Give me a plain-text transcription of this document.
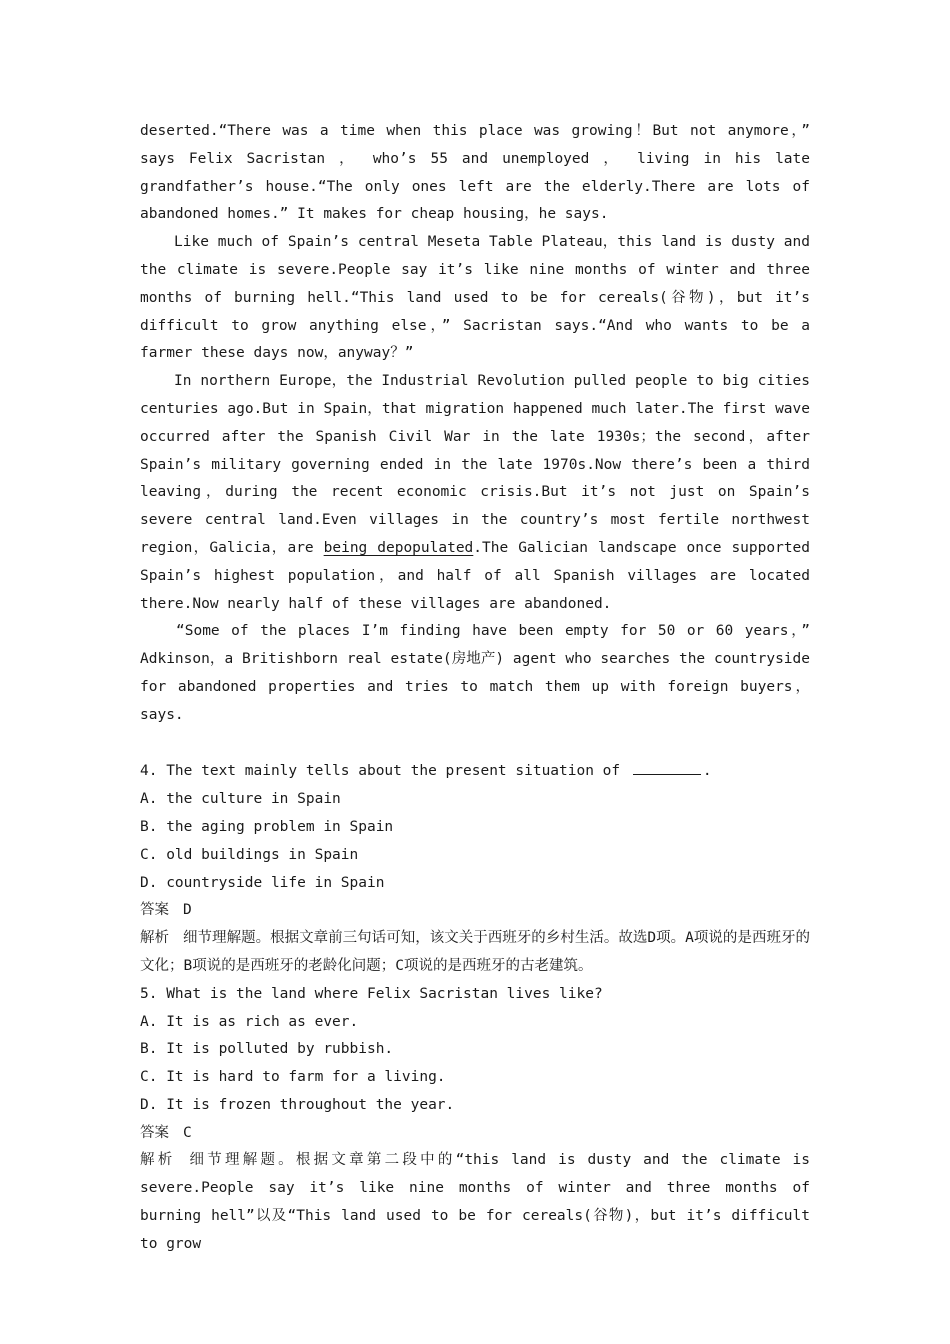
deserted.“There was a time when this place was growing！But not anymore，” says Felix Sacristan ， who’s 55 and unemployed ， living in his late grandfather’s house.“The only ones left are the elderly.There are lots of abandoned homes.” It makes for cheap housing，he says.

Like much of Spain’s central Meseta Table Plateau，this land is dusty and the climate is severe.People say it’s like nine months of winter and three months of burning hell.“This land used to be for cereals(谷物)，but it’s difficult to grow anything else，” Sacristan says.“And who wants to be a farmer these days now，anyway？”

In northern Europe，the Industrial Revolution pulled people to big cities centuries ago.But in Spain，that migration happened much later.The first wave occurred after the Spanish Civil War in the late 1930s；the second，after Spain’s military governing ended in the late 1970s.Now there’s been a third leaving，during the recent economic crisis.But it’s not just on Spain’s severe central land.Even villages in the country’s most fertile northwest region，Galicia，are being depopulated.The Galician landscape once supported Spain’s highest population，and half of all Spanish villages are located there.Now nearly half of these villages are abandoned.

“Some of the places I’m finding have been empty for 50 or 60 years，” Adkinson，a Britishborn real estate(房地产) agent who searches the countryside for abandoned properties and tries to match them up with foreign buyers，says.

4. The text mainly tells about the present situation of	.

A. the culture in Spain

B. the aging problem in Spain

C. old buildings in Spain

D. countryside life in Spain

答案 D

解析 细节理解题。根据文章前三句话可知，该文关于西班牙的乡村生活。故选D项。A项说的是西班牙的文化；B项说的是西班牙的老龄化问题；C项说的是西班牙的古老建筑。

5. What is the land where Felix Sacristan lives like?

A. It is as rich as ever.

B. It is polluted by rubbish.

C. It is hard to farm for a living.

D. It is frozen throughout the year.

答案 C

解析 细节理解题。根据文章第二段中的“this land is dusty and the climate is severe.People say it’s like nine months of winter and three months of burning hell”以及“This land used to be for cereals(谷物)，but it’s difficult to grow
